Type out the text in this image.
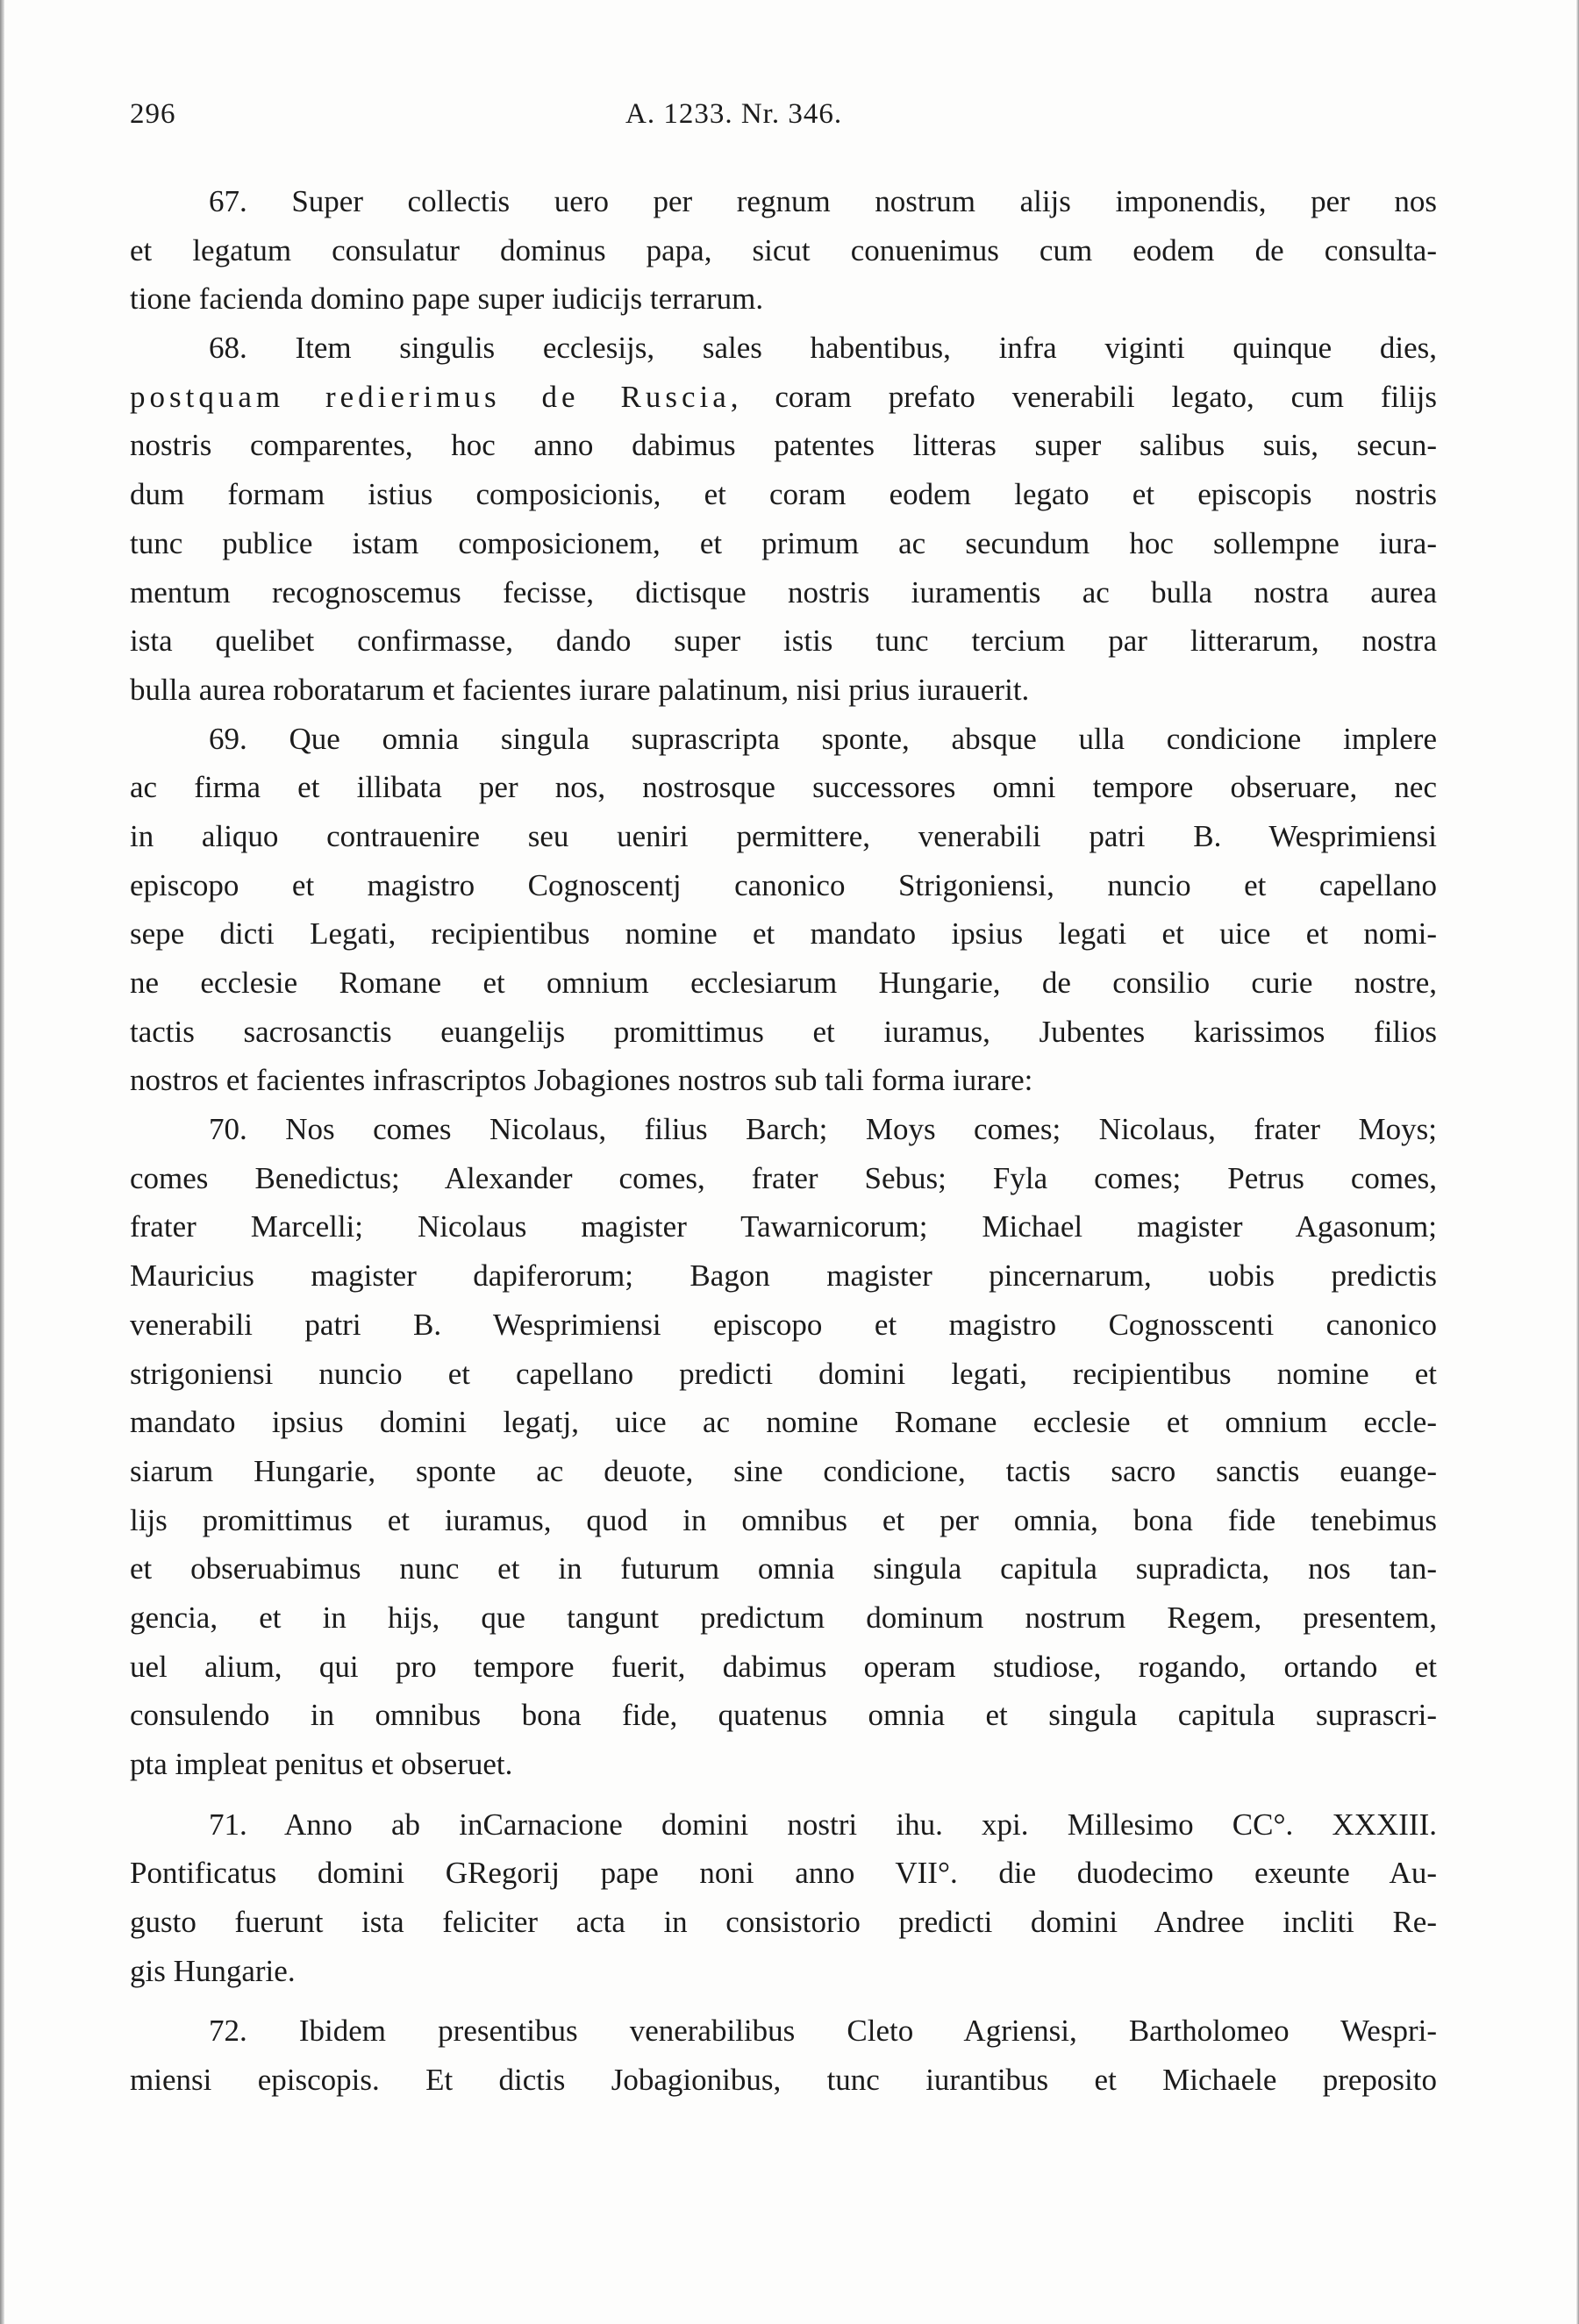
296	A. 1233. Nr. 346.
67. Super collectis uero per regnum nostrum alijs imponendis, per nos
et legatum consulatur dominus papa, sicut conuenimus cum eodem de consulta-
tione facienda domino pape super iudicijs terrarum.
68. Item singulis ecclesijs, sales habentibus, infra viginti quinque dies,
postquam redierimus de Ruscia, coram prefato venerabili legato, cum filijs
nostris comparentes, hoc anno dabimus patentes litteras super salibus suis, secun-
dum formam istius composicionis, et coram eodem legato et episcopis nostris
tunc publice istam composicionem, et primum ac secundum hoc sollempne iura-
mentum recognoscemus fecisse, dictisque nostris iuramentis ac bulla nostra aurea
ista quelibet confirmasse, dando super istis tunc tercium par litterarum, nostra
bulla aurea roboratarum et facientes iurare palatinum, nisi prius iurauerit.
69. Que omnia singula suprascripta sponte, absque ulla condicione implere
ac firma et illibata per nos, nostrosque successores omni tempore obseruare, nec
in aliquo contrauenire seu ueniri permittere, venerabili patri B. Wesprimiensi
episcopo et magistro Cognoscentj canonico Strigoniensi, nuncio et capellano
sepe dicti Legati, recipientibus nomine et mandato ipsius legati et uice et nomi-
ne ecclesie Romane et omnium ecclesiarum Hungarie, de consilio curie nostre,
tactis sacrosanctis euangelijs promittimus et iuramus, Jubentes karissimos filios
nostros et facientes infrascriptos Jobagiones nostros sub tali forma iurare:
70. Nos comes Nicolaus, filius Barch; Moys comes; Nicolaus, frater Moys;
comes Benedictus; Alexander comes, frater Sebus; Fyla comes; Petrus comes,
frater Marcelli; Nicolaus magister Tawarnicorum; Michael magister Agasonum;
Mauricius magister dapiferorum; Bagon magister pincernarum, uobis predictis
venerabili patri B. Wesprimiensi episcopo et magistro Cognosscenti canonico
strigoniensi nuncio et capellano predicti domini legati, recipientibus nomine et
mandato ipsius domini legatj, uice ac nomine Romane ecclesie et omnium eccle-
siarum Hungarie, sponte ac deuote, sine condicione, tactis sacro sanctis euange-
lijs promittimus et iuramus, quod in omnibus et per omnia, bona fide tenebimus
et obseruabimus nunc et in futurum omnia singula capitula supradicta, nos tan-
gencia, et in hijs, que tangunt predictum dominum nostrum Regem, presentem,
uel alium, qui pro tempore fuerit, dabimus operam studiose, rogando, ortando et
consulendo in omnibus bona fide, quatenus omnia et singula capitula suprascri-
pta impleat penitus et obseruet.
71. Anno ab inCarnacione domini nostri ihu. xpi. Millesimo CC°. XXXIII.
Pontificatus domini GRegorij pape noni anno VII°. die duodecimo exeunte Au-
gusto fuerunt ista feliciter acta in consistorio predicti domini Andree incliti Re-
gis Hungarie.
72. Ibidem presentibus venerabilibus Cleto Agriensi, Bartholomeo Wespri-
miensi episcopis. Et dictis Jobagionibus, tunc iurantibus et Michaele preposito
